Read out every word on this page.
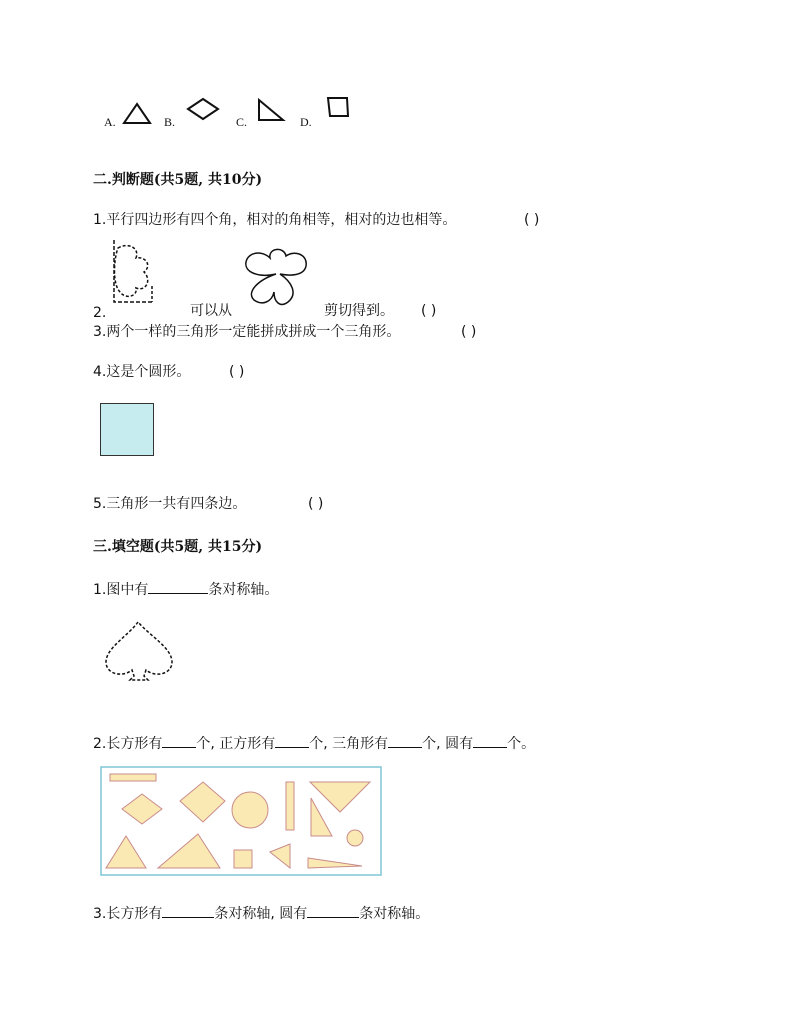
A.	B.	C.	D.
二.判断题(共5题, 共10分)
1.平行四边形有四个角，相对的角相等，相对的边也相等。	( )
2.	可以从	剪切得到。 ( )
3.两个一样的三角形一定能拼成拼成一个三角形。	( )
4.这是个圆形。	( )
5.三角形一共有四条边。	( )
三.填空题(共5题, 共15分)
1.图中有	条对称轴。
2.长方形有 个, 正方形有 个, 三角形有 个, 圆有 个。
3.长方形有	条对称轴, 圆有	条对称轴。
